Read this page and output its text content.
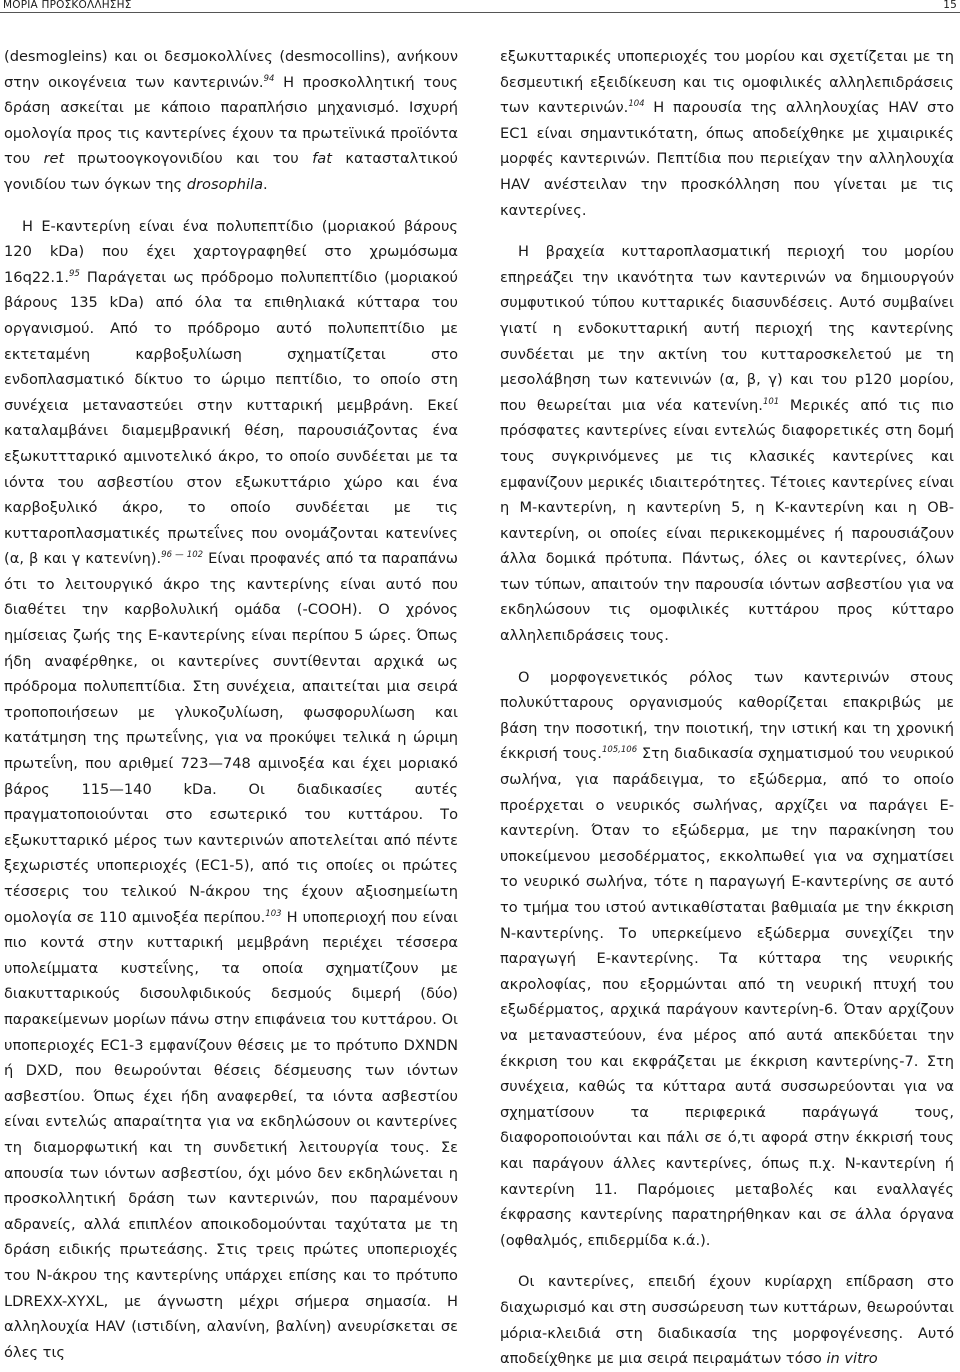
ΜΟΡΙΑ ΠΡΟΣΚΟΛΛΗΣΗΣ	15

(desmogleins) και οι δεσμοκολλίνες (desmocollins), ανήκουν στην οικογένεια των καντερινών.$^{94}$ Η προσκολλητική τους δράση ασκείται με κάποιο παραπλήσιο μηχανισμό. Ισχυρή ομολογία προς τις καντερίνες έχουν τα πρωτεϊνικά προϊόντα του ret πρωτοογκογονιδίου και του fat κατασταλτικού γονιδίου των όγκων της drosophila.

Η Ε-καντερίνη είναι ένα πολυπεπτίδιο (μοριακού βάρους 120 kDa) που έχει χαρτογραφηθεί στο χρωμόσωμα 16q22.1.95 Παράγεται ως πρόδρομο πολυπεπτίδιο (μοριακού βάρους 135 kDa) από όλα τα επιθηλιακά κύτταρα του οργανισμού. Από το πρόδρομο αυτό πολυπεπτίδιο με εκτεταμένη καρβοξυλίωση σχηματίζεται στο ενδοπλασματικό δίκτυο το ώριμο πεπτίδιο, το οποίο στη συνέχεια μεταναστεύει στην κυτταρική μεμβράνη. Εκεί καταλαμβάνει διαμεμβρανική θέση, παρουσιάζοντας ένα εξωκυττταρικό αμινοτελικό άκρο, το οποίο συνδέεται με τα ιόντα του ασβεστίου στον εξωκυττάριο χώρο και ένα καρβοξυλικό άκρο, το οποίο συνδέεται με τις κυτταροπλασματικές πρωτεΐνες που ονομάζονται κατενίνες (α, β και γ κατενίνη).$^{96 — 102}$ Είναι προφανές από τα παραπάνω ότι το λειτουργικό άκρο της καντερίνης είναι αυτό που διαθέτει την καρβολυλική ομάδα (-COOH). Ο χρόνος ημίσειας ζωής της Ε-καντερίνης είναι περίπου 5 ώρες. Όπως ήδη αναφέρθηκε, οι καντερίνες συντίθενται αρχικά ως πρόδρομα πολυπεπτίδια. Στη συνέχεια, απαιτείται μια σειρά τροποποιήσεων με γλυκοζυλίωση, φωσφορυλίωση και κατάτμηση της πρωτεΐνης, για να προκύψει τελικά η ώριμη πρωτεΐνη, που αριθμεί 723—748 αμινοξέα και έχει μοριακό βάρος 115—140 kDa. Οι διαδικασίες αυτές πραγματοποιούνται στο εσωτερικό του κυττάρου. Το εξωκυτταρικό μέρος των καντερινών αποτελείται από πέντε ξεχωριστές υποπεριοχές (EC1-5), από τις οποίες οι πρώτες τέσσερις του τελικού Ν-άκρου της έχουν αξιοσημείωτη ομολογία σε 110 αμινοξέα περίπου.$^{103}$ Η υποπεριοχή που είναι πιο κοντά στην κυτταρική μεμβράνη περιέχει τέσσερα υπολείμματα κυστεΐνης, τα οποία σχηματίζουν με διακυτταρικούς δισουλφιδικούς δεσμούς διμερή (δύο) παρακείμενων μορίων πάνω στην επιφάνεια του κυττάρου. Οι υποπεριοχές EC1-3 εμφανίζουν θέσεις με το πρότυπο DXNDN ή DXD, που θεωρούνται θέσεις δέσμευσης των ιόντων ασβεστίου. Όπως έχει ήδη αναφερθεί, τα ιόντα ασβεστίου είναι εντελώς απαραίτητα για να εκδηλώσουν οι καντερίνες τη διαμορφωτική και τη συνδετική λειτουργία τους. Σε απουσία των ιόντων ασβεστίου, όχι μόνο δεν εκδηλώνεται η προσκολλητική δράση των καντερινών, που παραμένουν αδρανείς, αλλά επιπλέον αποικοδομούνται ταχύτατα με τη δράση ειδικής πρωτεάσης. Στις τρεις πρώτες υποπεριοχές του Ν-άκρου της καντερίνης υπάρχει επίσης και το πρότυπο LDREXX-XYXL, με άγνωστη μέχρι σήμερα σημασία. Η αλληλουχία HAV (ιστιδίνη, αλανίνη, βαλίνη) ανευρίσκεται σε όλες τις

εξωκυτταρικές υποπεριοχές του μορίου και σχετίζεται με τη δεσμευτική εξειδίκευση και τις ομοφιλικές αλληλεπιδράσεις των καντερινών.$^{104}$ Η παρουσία της αλληλουχίας HAV στο EC1 είναι σημαντικότατη, όπως αποδείχθηκε με χιμαιρικές μορφές καντερινών. Πεπτίδια που περιείχαν την αλληλουχία HAV ανέστειλαν την προσκόλληση που γίνεται με τις καντερίνες.

Η βραχεία κυτταροπλασματική περιοχή του μορίου επηρεάζει την ικανότητα των καντερινών να δημιουργούν συμφυτικού τύπου κυτταρικές διασυνδέσεις. Αυτό συμβαίνει γιατί η ενδοκυτταρική αυτή περιοχή της καντερίνης συνδέεται με την ακτίνη του κυτταροσκελετού με τη μεσολάβηση των κατενινών (α, β, γ) και του p120 μορίου, που θεωρείται μια νέα κατενίνη.$^{101}$ Μερικές από τις πιο πρόσφατες καντερίνες είναι εντελώς διαφορετικές στη δομή τους συγκρινόμενες με τις κλασικές καντερίνες και εμφανίζουν μερικές ιδιαιτερότητες. Τέτοιες καντερίνες είναι η Μ-καντερίνη, η καντερίνη 5, η Κ-καντερίνη και η ΟΒ-καντερίνη, οι οποίες είναι περικεκομμένες ή παρουσιάζουν άλλα δομικά πρότυπα. Πάντως, όλες οι καντερίνες, όλων των τύπων, απαιτούν την παρουσία ιόντων ασβεστίου για να εκδηλώσουν τις ομοφιλικές κυττάρου προς κύτταρο αλληλεπιδράσεις τους.

Ο μορφογενετικός ρόλος των καντερινών στους πολυκύτταρους οργανισμούς καθορίζεται επακριβώς με βάση την ποσοτική, την ποιοτική, την ιστική και τη χρονική έκκρισή τους.$^{105,106}$ Στη διαδικασία σχηματισμού του νευρικού σωλήνα, για παράδειγμα, το εξώδερμα, από το οποίο προέρχεται ο νευρικός σωλήνας, αρχίζει να παράγει Ε-καντερίνη. Όταν το εξώδερμα, με την παρακίνηση του υποκείμενου μεσοδέρματος, εκκολπωθεί για να σχηματίσει το νευρικό σωλήνα, τότε η παραγωγή Ε-καντερίνης σε αυτό το τμήμα του ιστού αντικαθίσταται βαθμιαία με την έκκριση Ν-καντερίνης. Το υπερκείμενο εξώδερμα συνεχίζει την παραγωγή Ε-καντερίνης. Τα κύτταρα της νευρικής ακρολοφίας, που εξορμώνται από τη νευρική πτυχή του εξωδέρματος, αρχικά παράγουν καντερίνη-6. Όταν αρχίζουν να μεταναστεύουν, ένα μέρος από αυτά απεκδύεται την έκκριση του και εκφράζεται με έκκριση καντερίνης-7. Στη συνέχεια, καθώς τα κύτταρα αυτά συσσωρεύονται για να σχηματίσουν τα περιφερικά παράγωγά τους, διαφοροποιούνται και πάλι σε ό,τι αφορά στην έκκρισή τους και παράγουν άλλες καντερίνες, όπως π.χ. Ν-καντερίνη ή καντερίνη 11. Παρόμοιες μεταβολές και εναλλαγές έκφρασης καντερίνης παρατηρήθηκαν και σε άλλα όργανα (οφθαλμός, επιδερμίδα κ.ά.).

Οι καντερίνες, επειδή έχουν κυρίαρχη επίδραση στο διαχωρισμό και στη συσσώρευση των κυττάρων, θεωρούνται μόρια-κλειδιά στη διαδικασία της μορφογένεσης. Αυτό αποδείχθηκε με μια σειρά πειραμάτων τόσο in vitro
